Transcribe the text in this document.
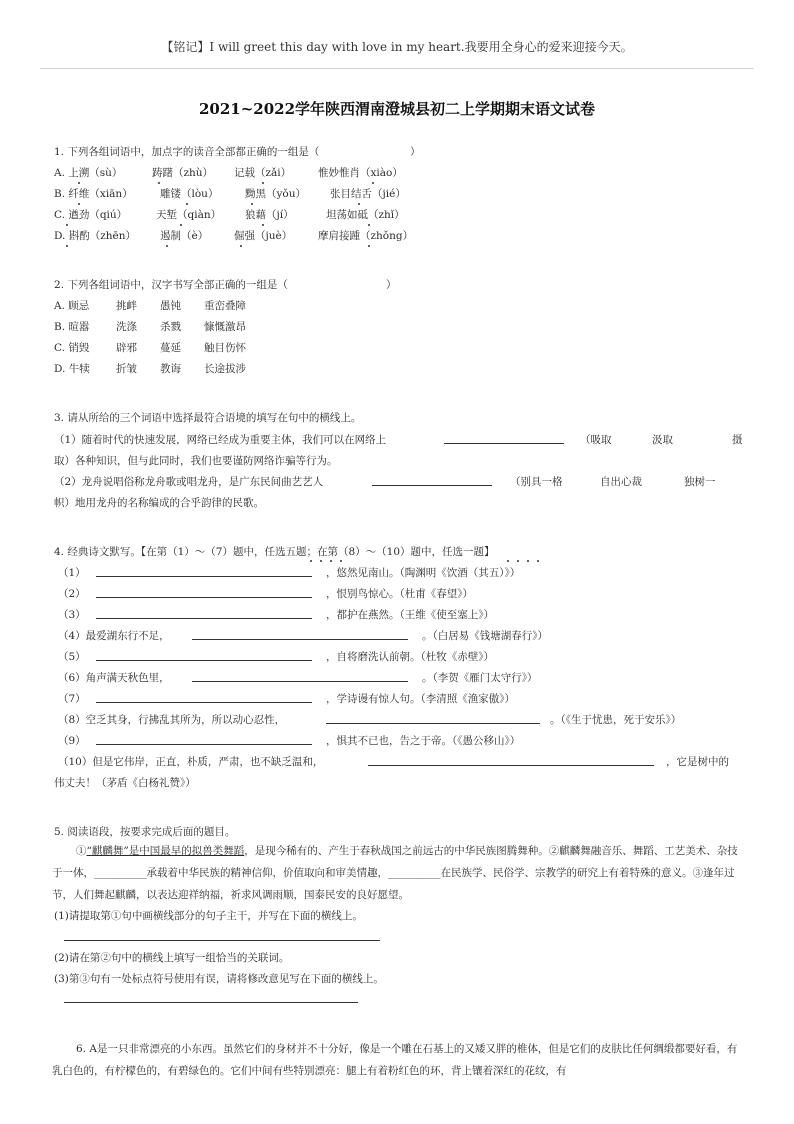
【铭记】I will greet this day with love in my heart.我要用全身心的爱来迎接今天。
2021~2022学年陕西渭南澄城县初二上学期期末语文试卷
1. 下列各组词语中，加点字的读音全部都正确的一组是（	）
A. 上溯（sù）	踌躇（zhù） 记载（zǎi）	惟妙惟肖（xiào）
B. 纤维（xiān）	雕镂（lòu）	黝黑（yǒu） 张目结舌（jié）
C. 遒劲（qiú）	天堑（qiàn） 狼藉（jí）	坦荡如砥（zhǐ）
D. 斟酌（zhēn） 遏制（è） 倔强（juè） 摩肩接踵（zhǒng）
2. 下列各组词语中，汉字书写全部正确的一组是（	）
A. 顾忌	挑衅 愚钝 重峦叠障
B. 暄嚣	洗涤 杀戮 慷慨激昂
C. 销毁	辟邪 蔓延 触目伤怀
D. 牛犊	折皱 教诲 长途拔涉
3. 请从所给的三个词语中选择最符合语境的填写在句中的横线上。
（1）随着时代的快速发展，网络已经成为重要主体，我们可以在网络上	（吸取	汲取	摄
取）各种知识，但与此同时，我们也要谨防网络诈骗等行为。
（2）龙舟说唱俗称龙舟歌或唱龙舟，是广东民间曲艺艺人	（别具一格	自出心裁	独树一
帜）地用龙舟的名称编成的合乎韵律的民歌。
4. 经典诗文默写。【在第（1）～（7）题中，任选五题；在第（8）～（10）题中，任选一题】
（1）	，悠然见南山。（陶渊明《饮酒（其五）》）
（2）	，恨别鸟惊心。（杜甫《春望》）
（3）	，都护在燕然。（王维《使至塞上》）
（4）最爱湖东行不足，	。（白居易《钱塘湖春行》）
（5）	，自将磨洗认前朝。（杜牧《赤壁》）
（6）角声满天秋色里，	。（李贺《雁门太守行》）
（7）	，学诗谩有惊人句。（李清照《渔家傲》）
（8）空乏其身，行拂乱其所为，所以动心忍性，	。（《生于忧患，死于安乐》）
（9）	，惧其不已也，告之于帝。（《愚公移山》）
（10）但是它伟岸，正直，朴质，严肃，也不缺乏温和，	，它是树中的
伟丈夫！（茅盾《白杨礼赞》）
5. 阅读语段，按要求完成后面的题目。
①“麒麟舞”是中国最早的拟兽类舞蹈，是现今稀有的、产生于春秋战国之前远古的中华民族图腾舞种。②麒麟舞融音乐、舞蹈、工艺美术、杂技于一体，__________承载着中华民族的精神信仰，价值取向和审美情趣，__________在民族学、民俗学、宗教学的研究上有着特殊的意义。③逢年过节，人们舞起麒麟，以表达迎祥纳福，祈求风调雨顺，国泰民安的良好愿望。
(1)请提取第①句中画横线部分的句子主干，并写在下面的横线上。
(2)请在第②句中的横线上填写一组恰当的关联词。
(3)第③句有一处标点符号使用有误，请将修改意见写在下面的横线上。
6. A是一只非常漂亮的小东西。虽然它们的身材并不十分好，像是一个雕在石基上的又矮又胖的椎体，但是它们的皮肤比任何绸缎都要好看，有乳白色的，有柠檬色的，有碧绿色的。它们中间有些特别漂亮：腿上有着粉红色的环，背上镶着深红的花纹，有
